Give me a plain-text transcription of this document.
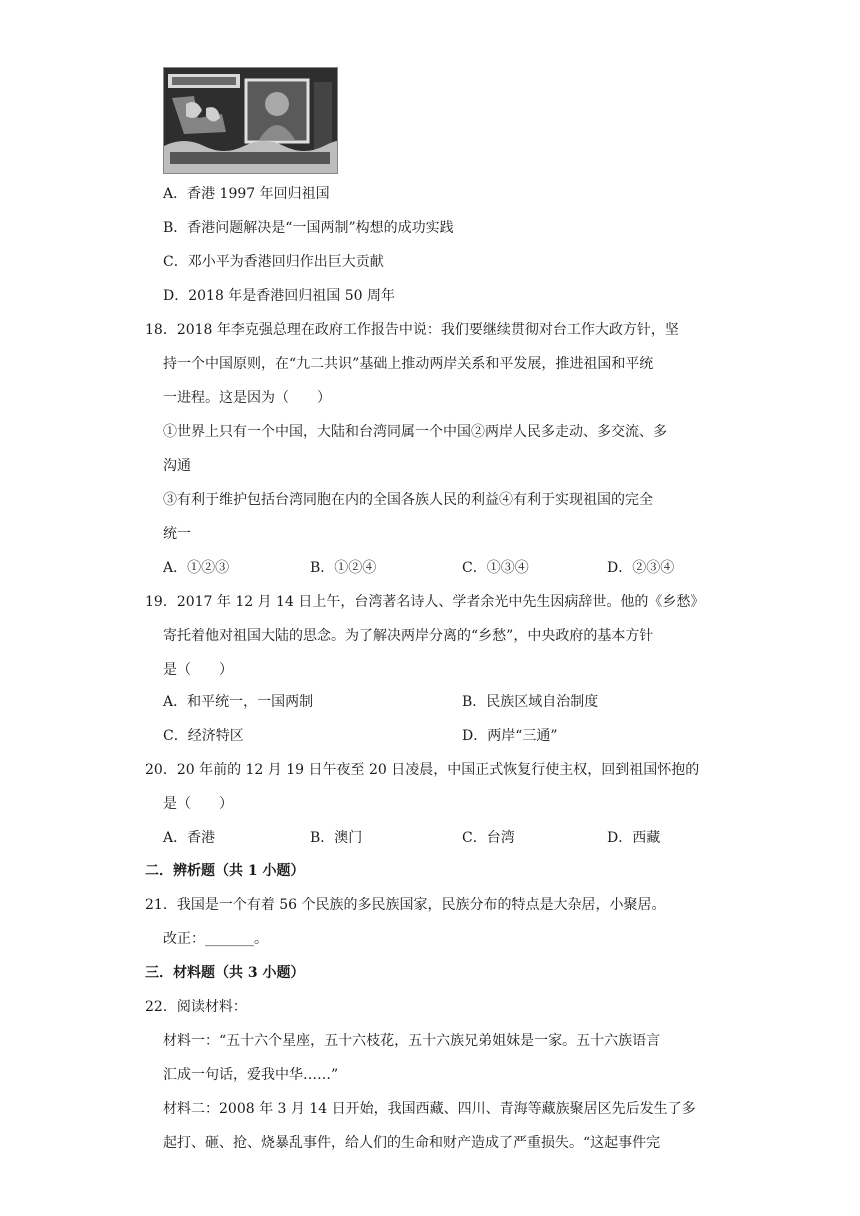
A．香港 1997 年回归祖国
B．香港问题解决是“一国两制”构想的成功实践
C．邓小平为香港回归作出巨大贡献
D．2018 年是香港回归祖国 50 周年
18．2018 年李克强总理在政府工作报告中说：我们要继续贯彻对台工作大政方针，坚
持一个中国原则，在“九二共识”基础上推动两岸关系和平发展，推进祖国和平统
一进程。这是因为（　　）
①世界上只有一个中国，大陆和台湾同属一个中国②两岸人民多走动、多交流、多
沟通
③有利于维护包括台湾同胞在内的全国各族人民的利益④有利于实现祖国的完全
统一
A．①②③	B．①②④	C．①③④	D．②③④
19．2017 年 12 月 14 日上午，台湾著名诗人、学者余光中先生因病辞世。他的《乡愁》
寄托着他对祖国大陆的思念。为了解决两岸分离的“乡愁”，中央政府的基本方针
是（　　）
A．和平统一，一国两制	B．民族区域自治制度
C．经济特区	D．两岸“三通”
20．20 年前的 12 月 19 日午夜至 20 日凌晨，中国正式恢复行使主权，回到祖国怀抱的
是（　　）
A．香港	B．澳门	C．台湾	D．西藏
二．辨析题（共 1 小题）
21．我国是一个有着 56 个民族的多民族国家，民族分布的特点是大杂居，小聚居。
改正：_______。
三．材料题（共 3 小题）
22．阅读材料：
材料一：“五十六个星座，五十六枝花，五十六族兄弟姐妹是一家。五十六族语言
汇成一句话，爱我中华……”
材料二：2008 年 3 月 14 日开始，我国西藏、四川、青海等藏族聚居区先后发生了多
起打、砸、抢、烧暴乱事件，给人们的生命和财产造成了严重损失。“这起事件完
